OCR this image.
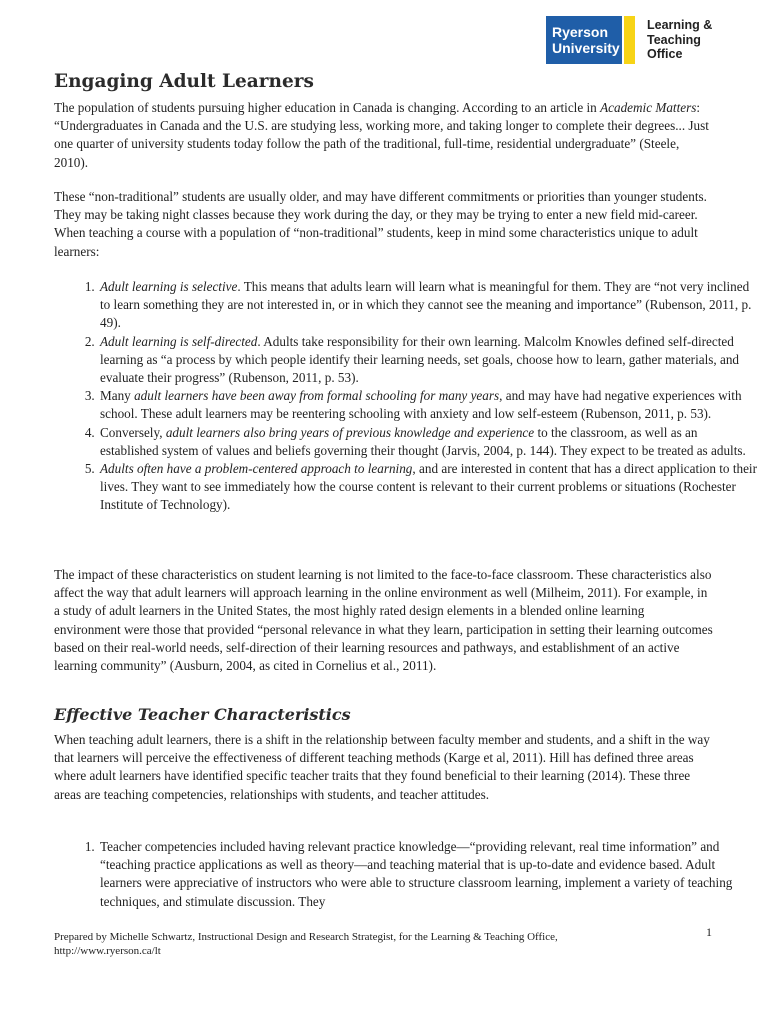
Ryerson
University
Learning &
Teaching
Office
Engaging Adult Learners

The population of students pursuing higher education in Canada is changing. According to an article in Academic Matters: “Undergraduates in Canada and the U.S. are studying less, working more, and taking longer to complete their degrees... Just one quarter of university students today follow the path of the traditional, full-time, residential undergraduate” (Steele, 2010).

These “non-traditional” students are usually older, and may have different commitments or priorities than younger students. They may be taking night classes because they work during the day, or they may be trying to enter a new field mid-career. When teaching a course with a population of “non-traditional” students, keep in mind some characteristics unique to adult learners:

1. Adult learning is selective. This means that adults learn will learn what is meaningful for them. They are “not very inclined to learn something they are not interested in, or in which they cannot see the meaning and importance” (Rubenson, 2011, p. 49).
2. Adult learning is self-directed. Adults take responsibility for their own learning. Malcolm Knowles defined self-directed learning as “a process by which people identify their learning needs, set goals, choose how to learn, gather materials, and evaluate their progress” (Rubenson, 2011, p. 53).
3. Many adult learners have been away from formal schooling for many years, and may have had negative experiences with school. These adult learners may be reentering schooling with anxiety and low self-esteem (Rubenson, 2011, p. 53).
4. Conversely, adult learners also bring years of previous knowledge and experience to the classroom, as well as an established system of values and beliefs governing their thought (Jarvis, 2004, p. 144). They expect to be treated as adults.
5. Adults often have a problem-centered approach to learning, and are interested in content that has a direct application to their lives. They want to see immediately how the course content is relevant to their current problems or situations (Rochester Institute of Technology).

The impact of these characteristics on student learning is not limited to the face-to-face classroom. These characteristics also affect the way that adult learners will approach learning in the online environment as well (Milheim, 2011). For example, in a study of adult learners in the United States, the most highly rated design elements in a blended online learning environment were those that provided “personal relevance in what they learn, participation in setting their learning outcomes based on their real-world needs, self-direction of their learning resources and pathways, and establishment of an active learning community” (Ausburn, 2004, as cited in Cornelius et al., 2011).

Effective Teacher Characteristics

When teaching adult learners, there is a shift in the relationship between faculty member and students, and a shift in the way that learners will perceive the effectiveness of different teaching methods (Karge et al, 2011). Hill has defined three areas where adult learners have identified specific teacher traits that they found beneficial to their learning (2014). These three areas are teaching competencies, relationships with students, and teacher attitudes.

1. Teacher competencies included having relevant practice knowledge—“providing relevant, real time information” and “teaching practice applications as well as theory—and teaching material that is up-to-date and evidence based. Adult learners were appreciative of instructors who were able to structure classroom learning, implement a variety of teaching techniques, and stimulate discussion. They
Prepared by Michelle Schwartz, Instructional Design and Research Strategist, for the Learning & Teaching Office,
http://www.ryerson.ca/lt
1
